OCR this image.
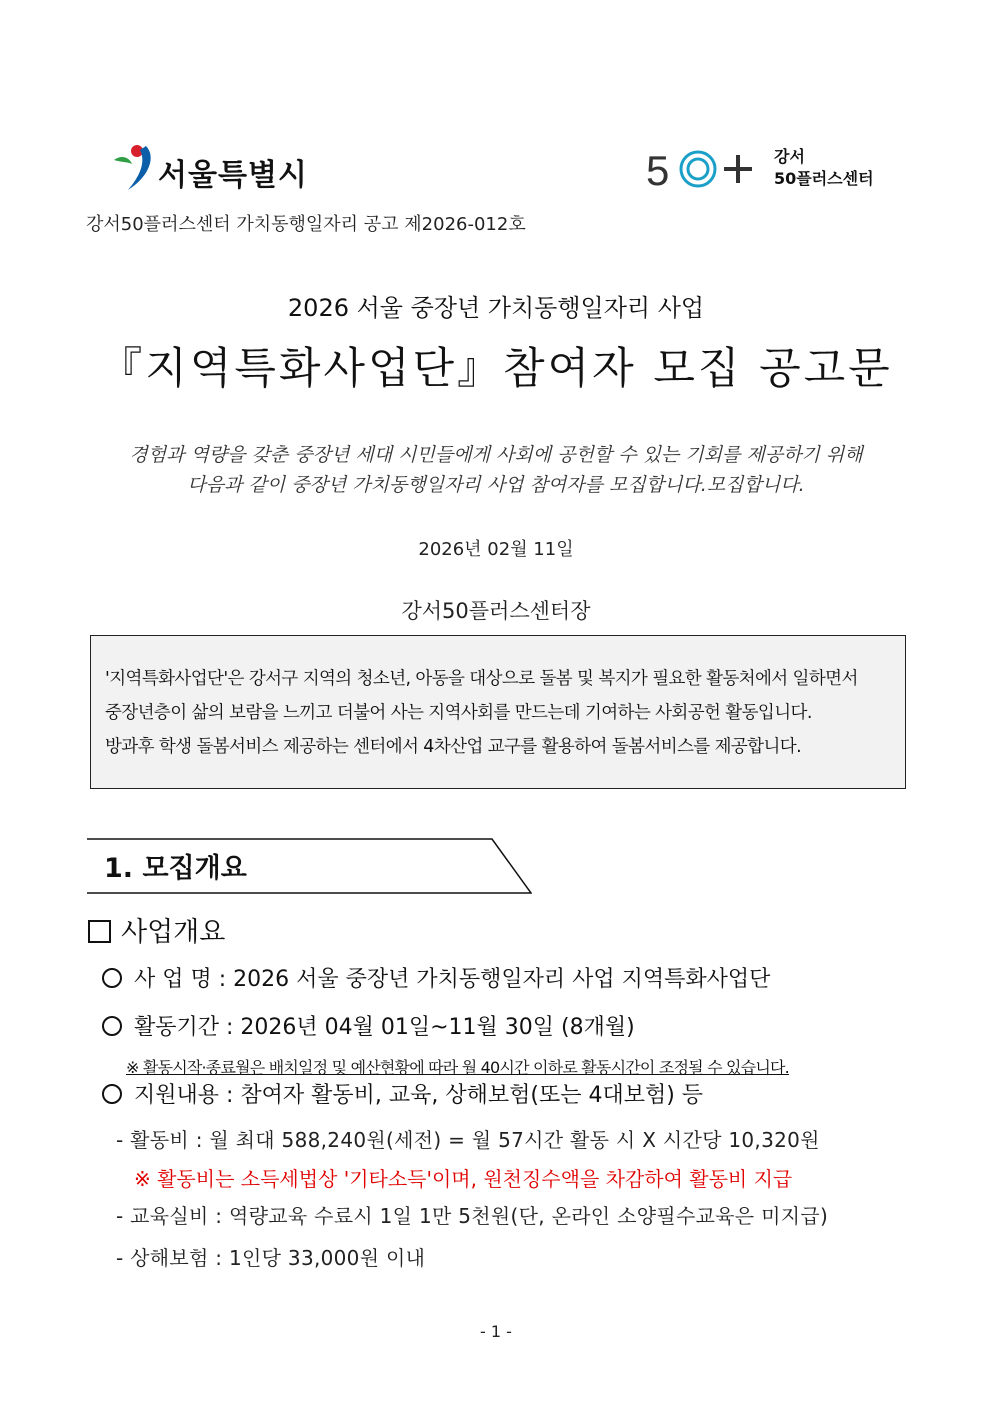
서울특별시	5	강서
50플러스센터
강서50플러스센터 가치동행일자리 공고 제2026-012호
2026 서울 중장년 가치동행일자리 사업
『지역특화사업단』참여자 모집 공고문
경험과 역량을 갖춘 중장년 세대 시민들에게 사회에 공헌할 수 있는 기회를 제공하기 위해
다음과 같이 중장년 가치동행일자리 사업 참여자를 모집합니다.모집합니다.
2026년 02월 11일
강서50플러스센터장
'지역특화사업단'은 강서구 지역의 청소년, 아동을 대상으로 돌봄 및 복지가 필요한 활동처에서 일하면서
중장년층이 삶의 보람을 느끼고 더불어 사는 지역사회를 만드는데 기여하는 사회공헌 활동입니다.
방과후 학생 돌봄서비스 제공하는 센터에서 4차산업 교구를 활용하여 돌봄서비스를 제공합니다.
1. 모집개요
사업개요
사 업 명 : 2026 서울 중장년 가치동행일자리 사업 지역특화사업단
활동기간 : 2026년 04월 01일~11월 30일 (8개월)
※ 활동시작·종료월은 배치일정 및 예산현황에 따라 월 40시간 이하로 활동시간이 조정될 수 있습니다.
지원내용 : 참여자 활동비, 교육, 상해보험(또는 4대보험) 등
- 활동비 : 월 최대 588,240원(세전) = 월 57시간 활동 시 X 시간당 10,320원
※ 활동비는 소득세법상 '기타소득'이며, 원천징수액을 차감하여 활동비 지급
- 교육실비 : 역량교육 수료시 1일 1만 5천원(단, 온라인 소양필수교육은 미지급)
- 상해보험 : 1인당 33,000원 이내
- 1 -
